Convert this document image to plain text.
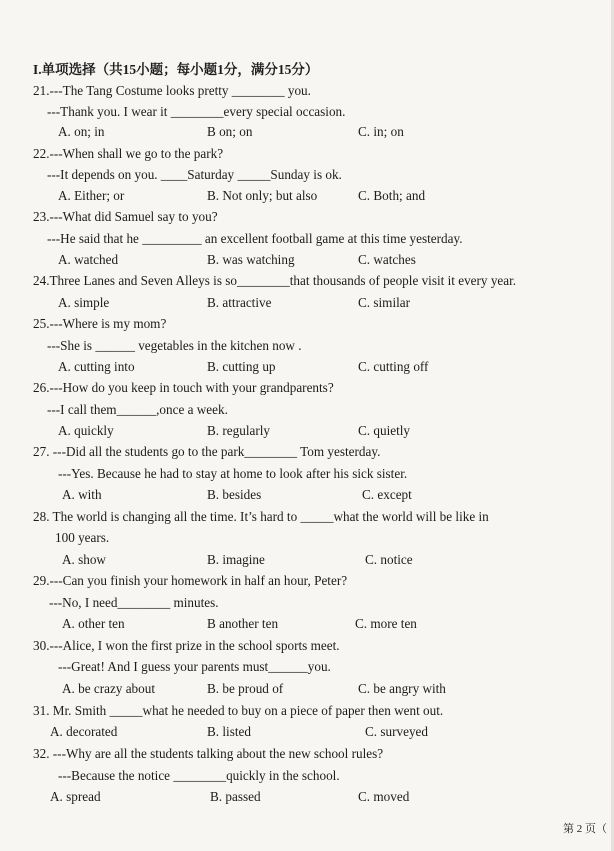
I.单项选择（共15小题；每小题1分，满分15分）
21.---The Tang Costume looks pretty ________ you.
---Thank you. I wear it ________every special occasion.
A. on; in	B on; on	C. in; on
22.---When shall we go to the park?
---It depends on you. ____Saturday _____Sunday is ok.
A. Either; or	B. Not only; but also	C. Both; and
23.---What did Samuel say to you?
---He said that he _________ an excellent football game at this time yesterday.
A. watched	B. was watching	C. watches
24.Three Lanes and Seven Alleys is so________that thousands of people visit it every year.
A. simple	B. attractive	C. similar
25.---Where is my mom?
---She is ______ vegetables in the kitchen now .
A. cutting into	B. cutting up	C. cutting off
26.---How do you keep in touch with your grandparents?
---I call them______,once a week.
A. quickly	B. regularly	C. quietly
27. ---Did all the students go to the park________ Tom yesterday.
---Yes. Because he had to stay at home to look after his sick sister.
A. with	B. besides	C. except
28. The world is changing all the time. It’s hard to _____what the world will be like in
100 years.
A. show	B. imagine	C. notice
29.---Can you finish your homework in half an hour, Peter?
---No, I need________ minutes.
A. other ten	B another ten	C. more ten
30.---Alice, I won the first prize in the school sports meet.
---Great! And I guess your parents must______you.
A. be crazy about	B. be proud of	C. be angry with
31. Mr. Smith _____what he needed to buy on a piece of paper then went out.
A. decorated	B. listed	C. surveyed
32. ---Why are all the students talking about the new school rules?
---Because the notice ________quickly in the school.
A. spread	B. passed	C. moved
第 2 页（
